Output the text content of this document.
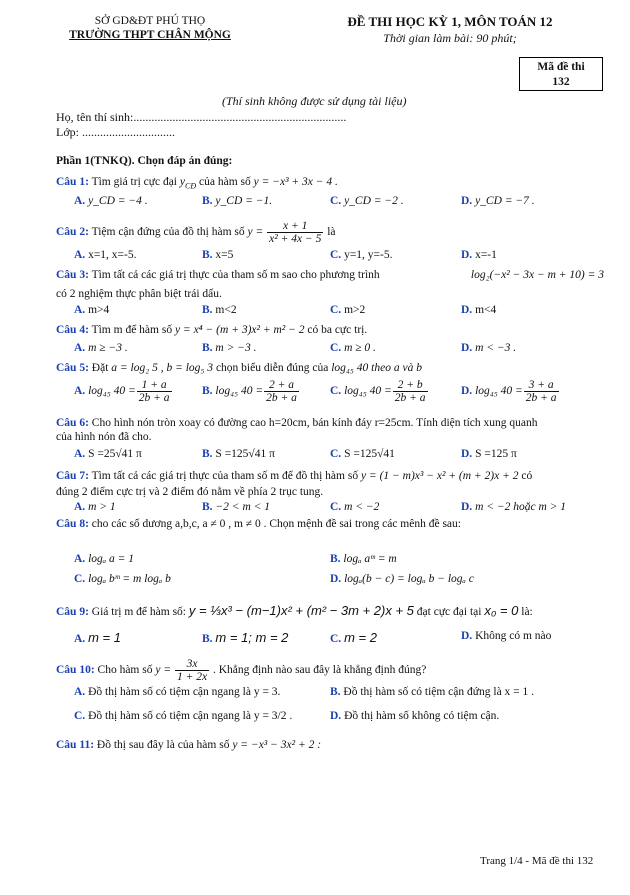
SỞ GD&ĐT PHÚ THỌ
TRƯỜNG THPT CHÂN MỘNG
ĐỀ THI HỌC KỲ 1, MÔN TOÁN 12
Thời gian làm bài: 90 phút;
Mã đề thi
132
(Thí sinh không được sử dụng tài liệu)
Họ, tên thí sinh:.......................................................................
Lớp: ...............................
Phần 1(TNKQ). Chọn đáp án đúng:
Câu 1: Tìm giá trị cực đại $y_{CĐ}$ của hàm số y = −x³ + 3x − 4 .
A. y_CD = −4 .	B. y_CD = −1.	C. y_CD = −2 .	D. y_CD = −7 .
Câu 2: Tiệm cận đứng của đồ thị hàm số $y = \frac{x + 1}{\text{x² + 4x − 5}}$ là
A. x=1, x=-5.	B. x=5	C. y=1, y=-5.	D. x=-1
Câu 3: Tìm tất cả các giá trị thực của tham số m sao cho phương trình	log₂(−x² − 3x − m + 10) = 3
có 2 nghiệm thực phân biệt trái dấu.
A. m>4	B. m<2	C. m>2	D. m<4
Câu 4: Tìm m để hàm số y = x⁴ − (m + 3)x² + m² − 2 có ba cực trị.
A. m ≥ −3 .	B. m > −3 .	C. m ≥ 0 .	D. m < −3 .
Câu 5: Đặt a = log₂ 5 , b = log₅ 3 chọn biểu diễn đúng của log₄₅ 40 theo a và b
A. log₄₅ $40 = \frac{1 + a}{2b + a}$	B. log₄₅ $40 = \frac{2 + a}{2b + a}$	C. log₄₅ $40 = \frac{2 + b}{2b + a}$	D. log₄₅ $40 = \frac{3 + a}{2b + a}$
Câu 6: Cho hình nón tròn xoay có đường cao h=20cm, bán kính đáy r=25cm. Tính diện tích xung quanh
của hình nón đã cho.
A. S =25√41 π	B. S =125√41 π	C. S =125√41	D. S =125 π
Câu 7: Tìm tất cả các giá trị thực của tham số m để đồ thị hàm số y = (1 − m)x³ − x² + (m + 2)x + 2 có
đúng 2 điểm cực trị và 2 điểm đó nằm về phía 2 trục tung.
A. m > 1	B. −2 < m < 1	C. m < −2	D. m < −2 hoặc m > 1
Câu 8: cho các số dương a,b,c, a ≠ 0 , m ≠ 0 . Chọn mệnh đề sai trong các mênh đề sau:
A. logₐ a = 1	B. logₐ aᵐ = m
C. logₐ bᵐ = m logₐ b	D. logₐ(b − c) = logₐ b − logₐ c
Câu 9: Giá trị m để hàm số: y = ⅓x³ − (m−1)x² + (m² − 3m + 2)x + 5 đạt cực đại tại x₀ = 0 là:
A. m = 1	B. m = 1; m = 2	C. m = 2	D. Không có m nào
Câu 10: Cho hàm số $y = \frac{3x}{1 + 2x}$ . Khẳng định nào sau đây là khẳng định đúng?
A. Đồ thị hàm số có tiệm cận ngang là y = 3.	B. Đồ thị hàm số có tiệm cận đứng là x = 1 .
C. Đồ thị hàm số có tiệm cận ngang là y = 3/2 .	D. Đồ thị hàm số không có tiệm cận.
Câu 11: Đồ thị sau đây là của hàm số y = −x³ − 3x² + 2 :
Trang 1/4 - Mã đề thi 132
